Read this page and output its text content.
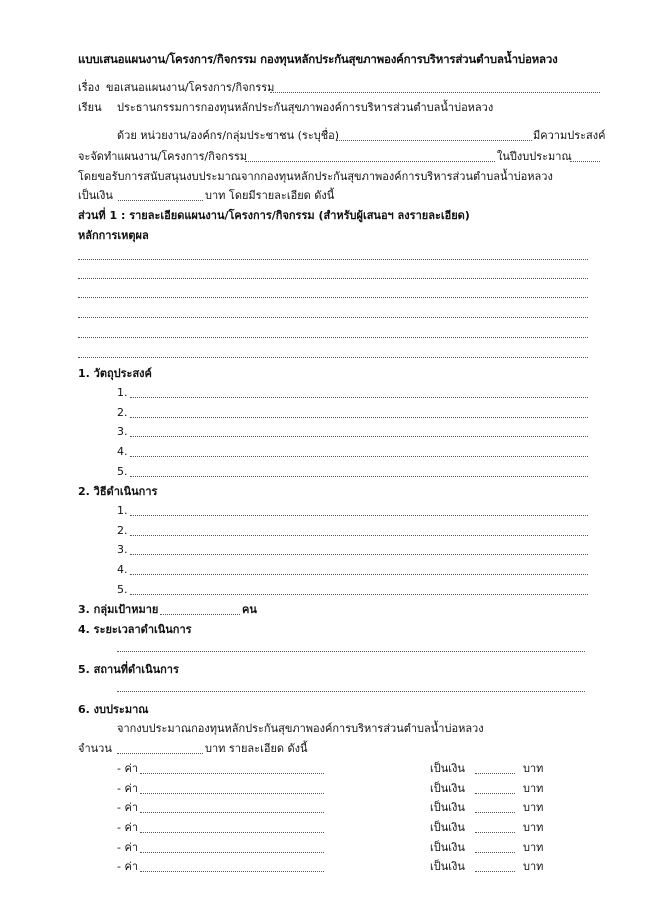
แบบเสนอแผนงาน/โครงการ/กิจกรรม กองทุนหลักประกันสุขภาพองค์การบริหารส่วนตำบลน้ำบ่อหลวง
เรื่อง ขอเสนอแผนงาน/โครงการ/กิจกรรม
เรียน ประธานกรรมการกองทุนหลักประกันสุขภาพองค์การบริหารส่วนตำบลน้ำบ่อหลวง
ด้วย หน่วยงาน/องค์กร/กลุ่มประชาชน (ระบุชื่อ)	มีความประสงค์
จะจัดทำแผนงาน/โครงการ/กิจกรรม	ในปีงบประมาณ
โดยขอรับการสนับสนุนงบประมาณจากกองทุนหลักประกันสุขภาพองค์การบริหารส่วนตำบลน้ำบ่อหลวง
เป็นเงิน	บาท โดยมีรายละเอียด ดังนี้
ส่วนที่ 1 : รายละเอียดแผนงาน/โครงการ/กิจกรรม (สำหรับผู้เสนอฯ ลงรายละเอียด)
หลักการเหตุผล
1. วัตถุประสงค์
1.
2.
3.
4.
5.
2. วิธีดำเนินการ
1.
2.
3.
4.
5.
3. กลุ่มเป้าหมาย	คน
4. ระยะเวลาดำเนินการ
5. สถานที่ดำเนินการ
6. งบประมาณ
จากงบประมาณกองทุนหลักประกันสุขภาพองค์การบริหารส่วนตำบลน้ำบ่อหลวง
จำนวน	บาท รายละเอียด ดังนี้
- ค่า	เป็นเงิน	บาท
- ค่า	เป็นเงิน	บาท
- ค่า	เป็นเงิน	บาท
- ค่า	เป็นเงิน	บาท
- ค่า	เป็นเงิน	บาท
- ค่า	เป็นเงิน	บาท
